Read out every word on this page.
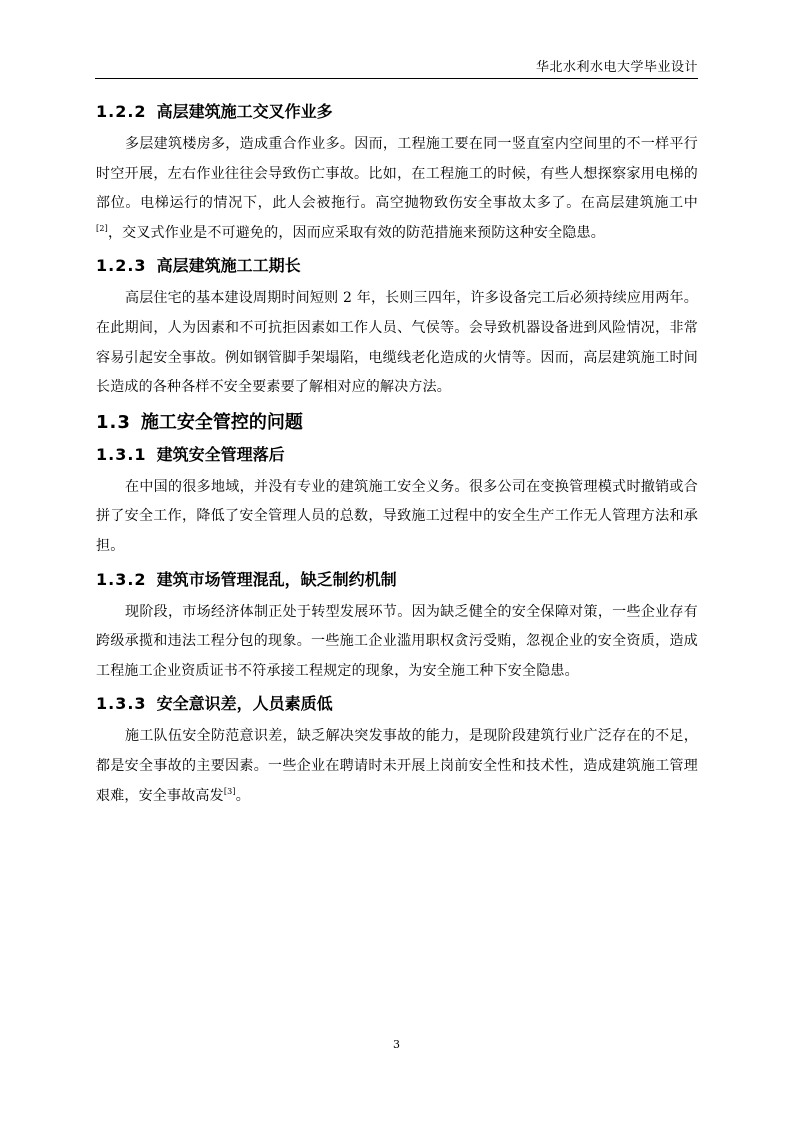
华北水利水电大学毕业设计
1.2.2 高层建筑施工交叉作业多

多层建筑楼房多，造成重合作业多。因而，工程施工要在同一竖直室内空间里的不一样平行时空开展，左右作业往往会导致伤亡事故。比如，在工程施工的时候，有些人想探察家用电梯的部位。电梯运行的情况下，此人会被拖行。高空抛物致伤安全事故太多了。在高层建筑施工中[2]，交叉式作业是不可避免的，因而应采取有效的防范措施来预防这种安全隐患。

1.2.3 高层建筑施工工期长

高层住宅的基本建设周期时间短则 2 年，长则三四年，许多设备完工后必须持续应用两年。在此期间，人为因素和不可抗拒因素如工作人员、气侯等。会导致机器设备进到风险情况，非常容易引起安全事故。例如钢管脚手架塌陷，电缆线老化造成的火情等。因而，高层建筑施工时间长造成的各种各样不安全要素要了解相对应的解决方法。

1.3 施工安全管控的问题
1.3.1 建筑安全管理落后

在中国的很多地域，并没有专业的建筑施工安全义务。很多公司在变换管理模式时撤销或合拼了安全工作，降低了安全管理人员的总数，导致施工过程中的安全生产工作无人管理方法和承担。

1.3.2 建筑市场管理混乱，缺乏制约机制

现阶段，市场经济体制正处于转型发展环节。因为缺乏健全的安全保障对策，一些企业存有跨级承揽和违法工程分包的现象。一些施工企业滥用职权贪污受贿，忽视企业的安全资质，造成工程施工企业资质证书不符承接工程规定的现象，为安全施工种下安全隐患。

1.3.3 安全意识差，人员素质低

施工队伍安全防范意识差，缺乏解决突发事故的能力，是现阶段建筑行业广泛存在的不足，都是安全事故的主要因素。一些企业在聘请时未开展上岗前安全性和技术性，造成建筑施工管理艰难，安全事故高发[3]。

3
